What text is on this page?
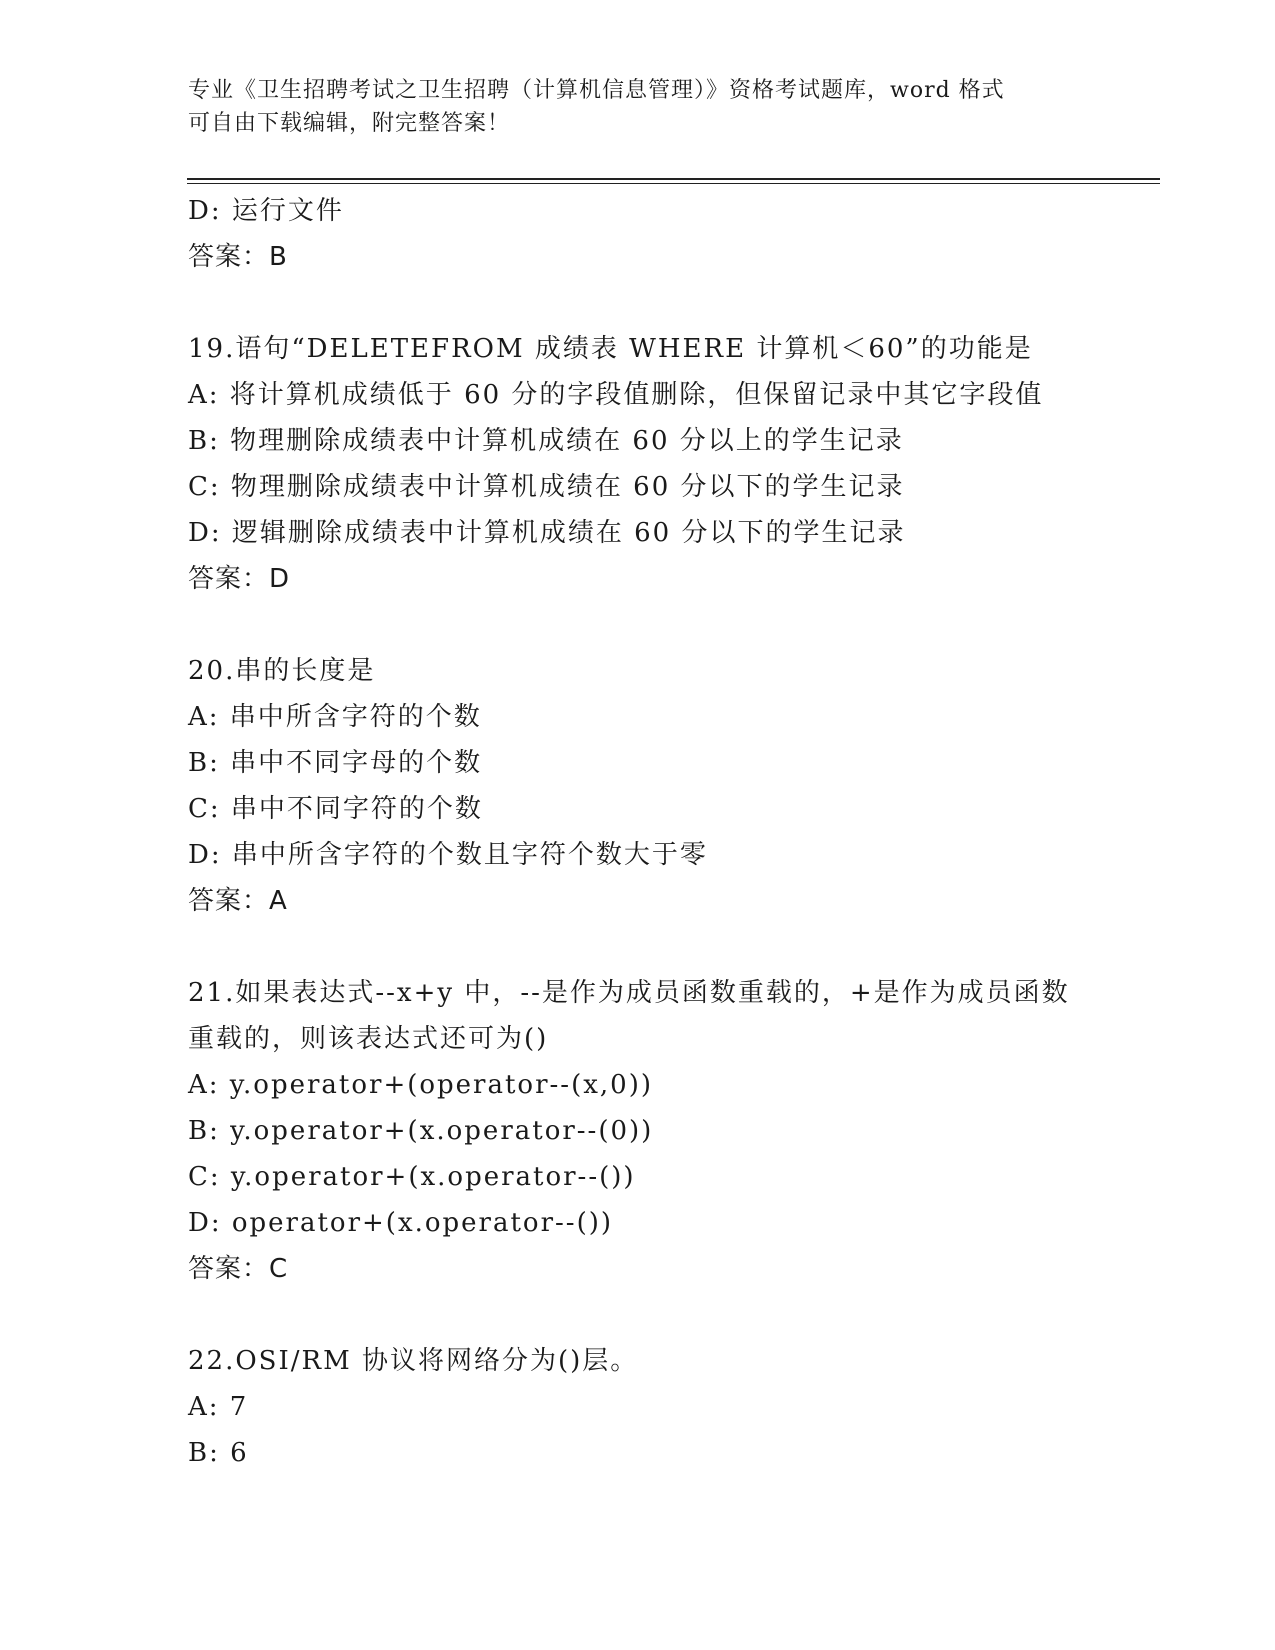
专业《卫生招聘考试之卫生招聘（计算机信息管理）》资格考试题库，word 格式
可自由下载编辑，附完整答案！
D: 运行文件
答案：B
19.语句“DELETEFROM 成绩表 WHERE 计算机＜60”的功能是
A: 将计算机成绩低于 60 分的字段值删除，但保留记录中其它字段值
B: 物理删除成绩表中计算机成绩在 60 分以上的学生记录
C: 物理删除成绩表中计算机成绩在 60 分以下的学生记录
D: 逻辑删除成绩表中计算机成绩在 60 分以下的学生记录
答案：D
20.串的长度是
A: 串中所含字符的个数
B: 串中不同字母的个数
C: 串中不同字符的个数
D: 串中所含字符的个数且字符个数大于零
答案：A
21.如果表达式--x+y 中，--是作为成员函数重载的，+是作为成员函数
重载的，则该表达式还可为()
A: y.operator+(operator--(x,0))
B: y.operator+(x.operator--(0))
C: y.operator+(x.operator--())
D: operator+(x.operator--())
答案：C
22.OSI/RM 协议将网络分为()层。
A: 7
B: 6
